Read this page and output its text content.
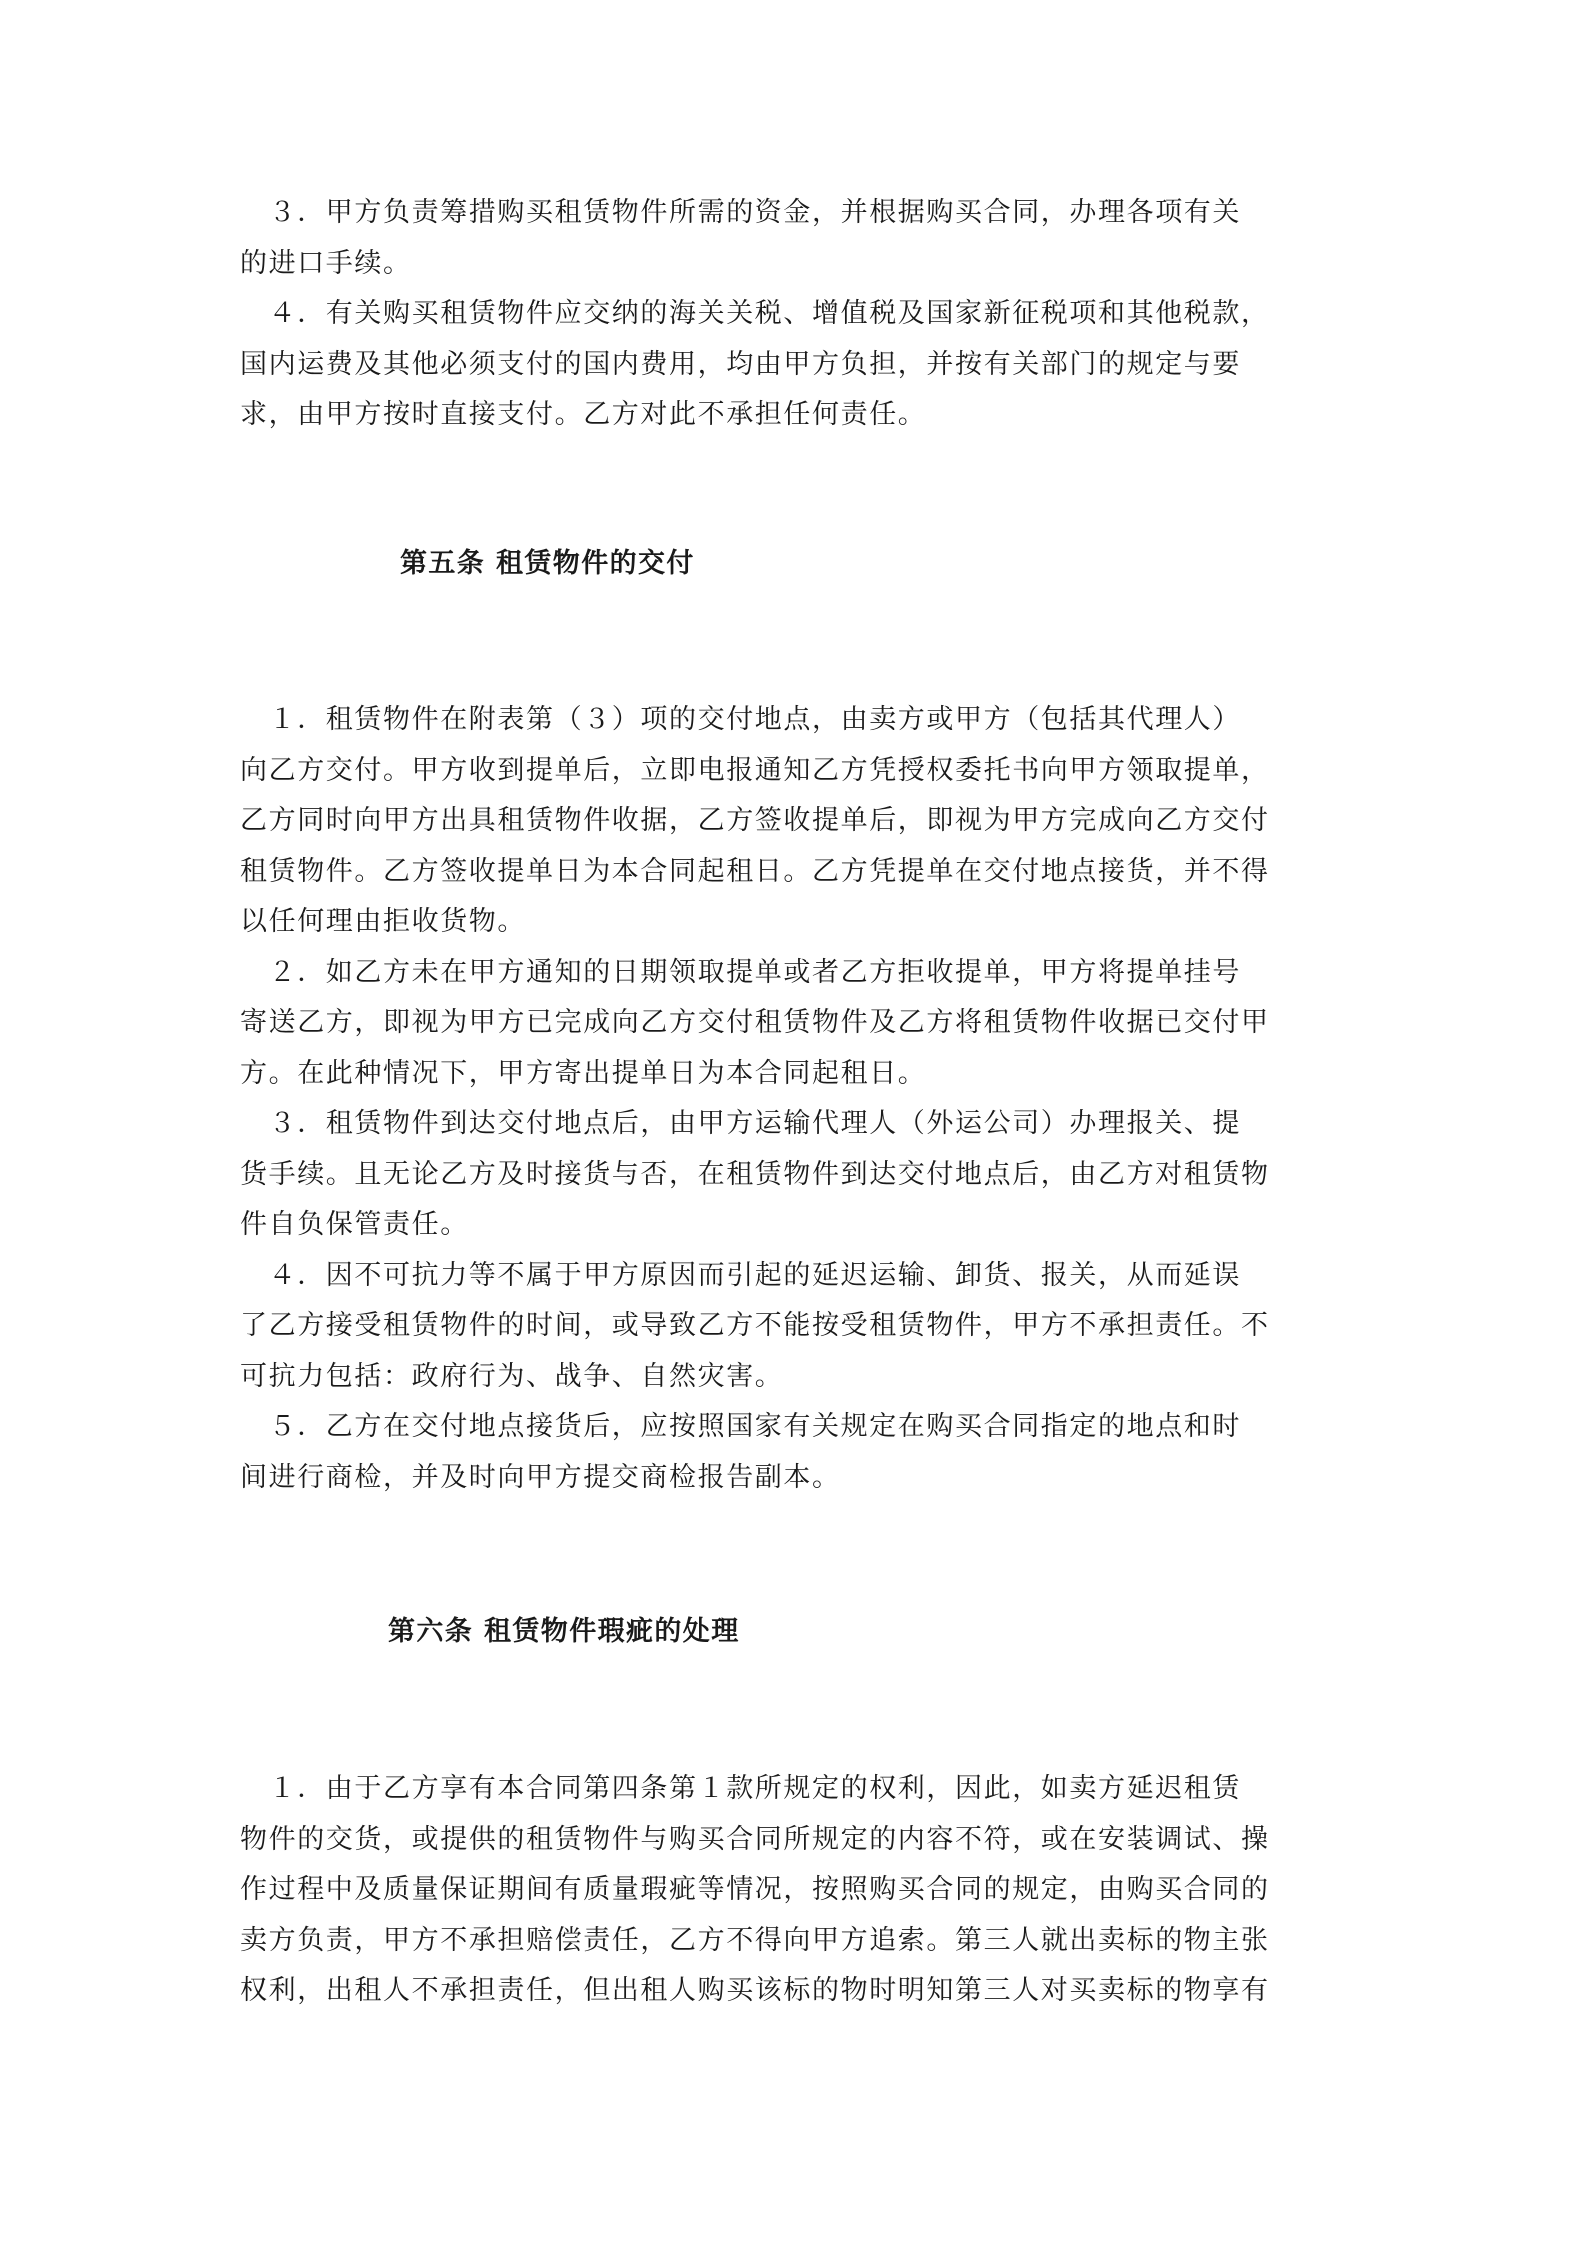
　３．甲方负责筹措购买租赁物件所需的资金，并根据购买合同，办理各项有关
的进口手续。
　４．有关购买租赁物件应交纳的海关关税、增值税及国家新征税项和其他税款，
国内运费及其他必须支付的国内费用，均由甲方负担，并按有关部门的规定与要
求，由甲方按时直接支付。乙方对此不承担任何责任。
第五条 租赁物件的交付
　１．租赁物件在附表第（３）项的交付地点，由卖方或甲方（包括其代理人）
向乙方交付。甲方收到提单后，立即电报通知乙方凭授权委托书向甲方领取提单，
乙方同时向甲方出具租赁物件收据，乙方签收提单后，即视为甲方完成向乙方交付
租赁物件。乙方签收提单日为本合同起租日。乙方凭提单在交付地点接货，并不得
以任何理由拒收货物。
　２．如乙方未在甲方通知的日期领取提单或者乙方拒收提单，甲方将提单挂号
寄送乙方，即视为甲方已完成向乙方交付租赁物件及乙方将租赁物件收据已交付甲
方。在此种情况下，甲方寄出提单日为本合同起租日。
　３．租赁物件到达交付地点后，由甲方运输代理人（外运公司）办理报关、提
货手续。且无论乙方及时接货与否，在租赁物件到达交付地点后，由乙方对租赁物
件自负保管责任。
　４．因不可抗力等不属于甲方原因而引起的延迟运输、卸货、报关，从而延误
了乙方接受租赁物件的时间，或导致乙方不能按受租赁物件，甲方不承担责任。不
可抗力包括：政府行为、战争、自然灾害。
　５．乙方在交付地点接货后，应按照国家有关规定在购买合同指定的地点和时
间进行商检，并及时向甲方提交商检报告副本。
第六条 租赁物件瑕疵的处理
　１．由于乙方享有本合同第四条第１款所规定的权利，因此，如卖方延迟租赁
物件的交货，或提供的租赁物件与购买合同所规定的内容不符，或在安装调试、操
作过程中及质量保证期间有质量瑕疵等情况，按照购买合同的规定，由购买合同的
卖方负责，甲方不承担赔偿责任，乙方不得向甲方追索。第三人就出卖标的物主张
权利，出租人不承担责任，但出租人购买该标的物时明知第三人对买卖标的物享有
